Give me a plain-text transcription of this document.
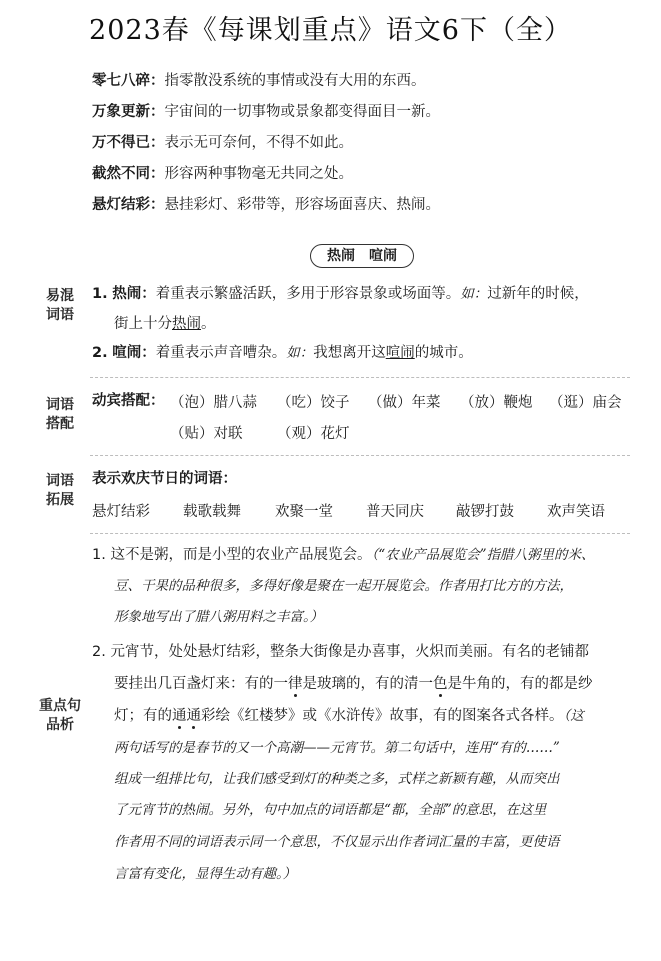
2023春《每课划重点》语文6下（全）
零七八碎：指零散没系统的事情或没有大用的东西。
万象更新：宇宙间的一切事物或景象都变得面目一新。
万不得已：表示无可奈何，不得不如此。
截然不同：形容两种事物毫无共同之处。
悬灯结彩：悬挂彩灯、彩带等，形容场面喜庆、热闹。
热闹　喧闹
易混
词语
1. 热闹：着重表示繁盛活跃，多用于形容景象或场面等。如：过新年的时候，
街上十分热闹。
2. 喧闹：着重表示声音嘈杂。如：我想离开这喧闹的城市。
词语
搭配
动宾搭配： （泡）腊八蒜 （吃）饺子 （做）年菜 （放）鞭炮 （逛）庙会
（贴）对联 （观）花灯
词语
拓展
表示欢庆节日的词语：
悬灯结彩 载歌载舞 欢聚一堂 普天同庆 敲锣打鼓 欢声笑语
重点句
品析
1. 这不是粥，而是小型的农业产品展览会。（“农业产品展览会”指腊八粥里的米、
豆、干果的品种很多，多得好像是聚在一起开展览会。作者用打比方的方法，
形象地写出了腊八粥用料之丰富。）
2. 元宵节，处处悬灯结彩，整条大街像是办喜事，火炽而美丽。有名的老铺都
要挂出几百盏灯来：有的一律是玻璃的，有的清一色是牛角的，有的都是纱
灯；有的通通彩绘《红楼梦》或《水浒传》故事，有的图案各式各样。（这
两句话写的是春节的又一个高潮——元宵节。第二句话中，连用“有的……”
组成一组排比句，让我们感受到灯的种类之多，式样之新颖有趣，从而突出
了元宵节的热闹。另外，句中加点的词语都是“都，全部”的意思，在这里
作者用不同的词语表示同一个意思，不仅显示出作者词汇量的丰富，更使语
言富有变化，显得生动有趣。）
